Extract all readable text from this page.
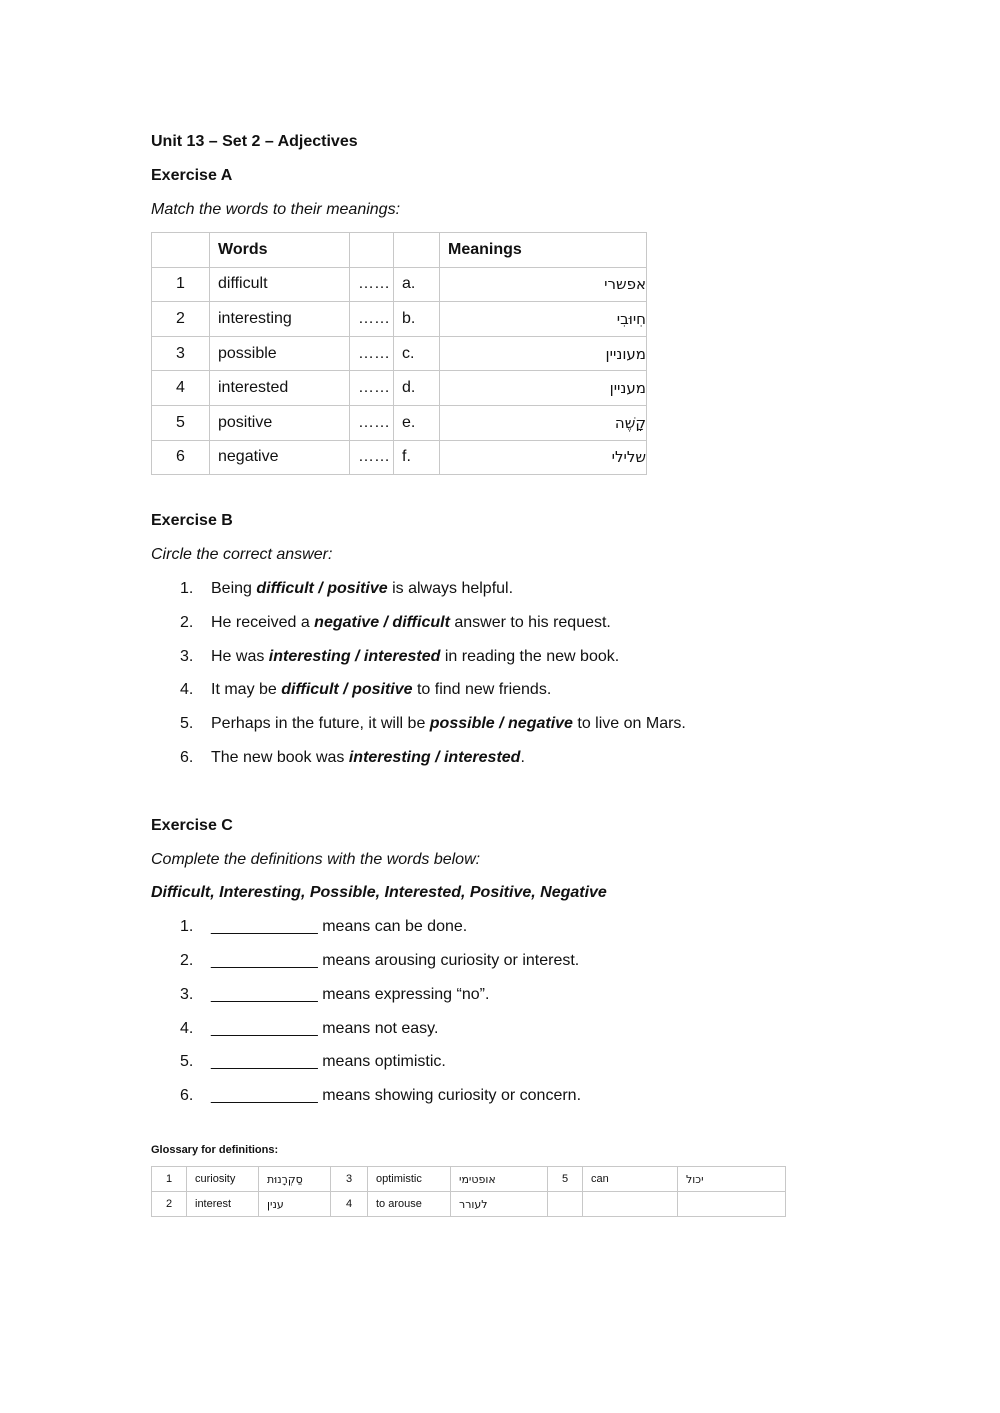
Unit 13 – Set 2 – Adjectives
Exercise A
Match the words to their meanings:
	Words			Meanings
1	difficult	……	a.	אפשרי
2	interesting	……	b.	חִיוּבִי
3	possible	……	c.	מעוניין
4	interested	……	d.	מעניין
5	positive	……	e.	קָשֶׁה
6	negative	……	f.	שלילי
Exercise B
Circle the correct answer:
1. Being difficult / positive is always helpful.
2. He received a negative / difficult answer to his request.
3. He was interesting / interested in reading the new book.
4. It may be difficult / positive to find new friends.
5. Perhaps in the future, it will be possible / negative to live on Mars.
6. The new book was interesting / interested.
Exercise C
Complete the definitions with the words below:
Difficult, Interesting, Possible, Interested, Positive, Negative
1. ____________ means can be done.
2. ____________ means arousing curiosity or interest.
3. ____________ means expressing “no”.
4. ____________ means not easy.
5. ____________ means optimistic.
6. ____________ means showing curiosity or concern.
Glossary for definitions:
1	curiosity	סַקְרָנוּת	3	optimistic	אופטימי	5	can	יכול
2	interest	ענין	4	to arouse	לעורר			
